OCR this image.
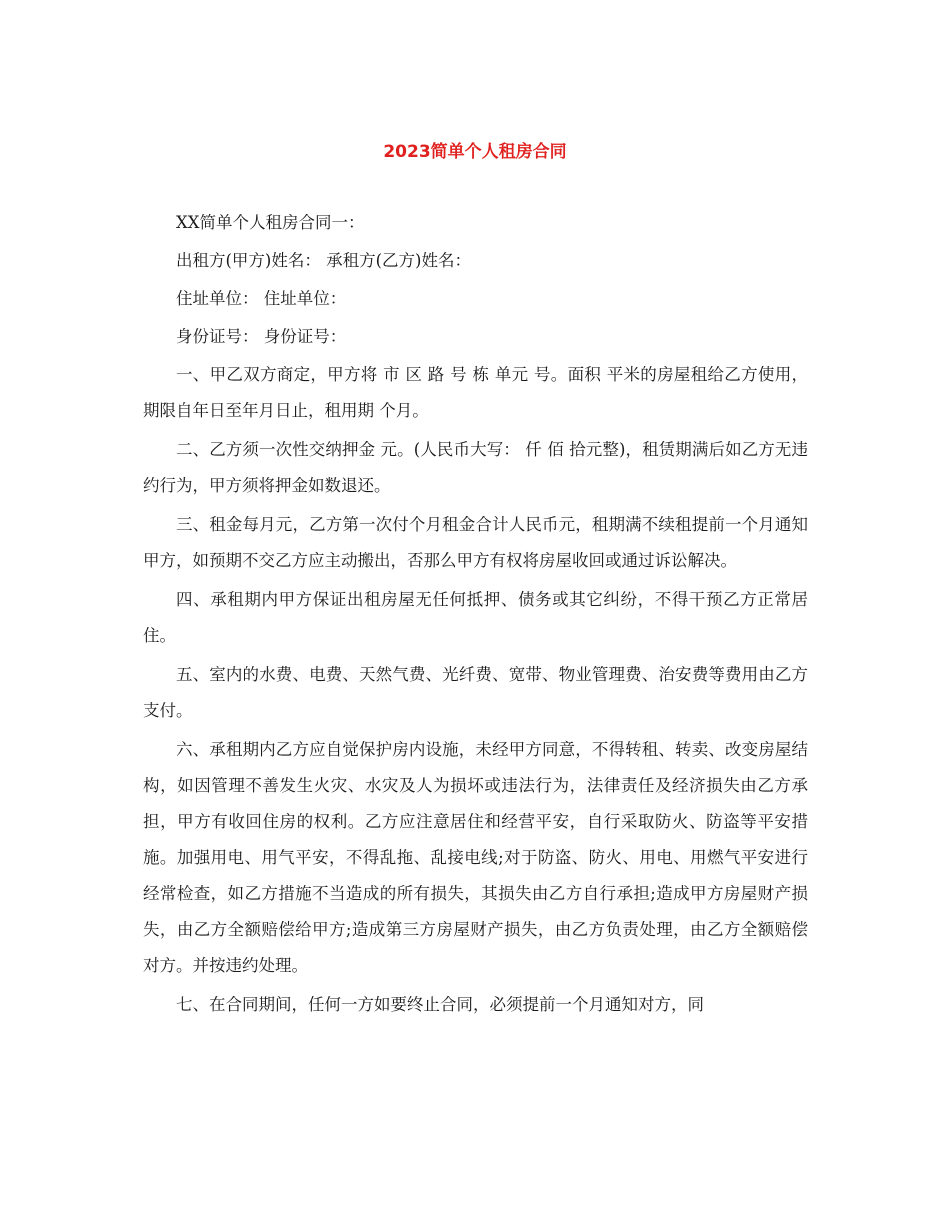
2023简单个人租房合同

XX简单个人租房合同一：

出租方(甲方)姓名： 承租方(乙方)姓名：

住址单位： 住址单位：

身份证号： 身份证号：

一、甲乙双方商定，甲方将 市 区 路 号 栋 单元 号。面积 平米的房屋租给乙方使用，期限自年日至年月日止，租用期 个月。

二、乙方须一次性交纳押金 元。(人民币大写： 仟 佰 拾元整)，租赁期满后如乙方无违约行为，甲方须将押金如数退还。

三、租金每月元，乙方第一次付个月租金合计人民币元，租期满不续租提前一个月通知甲方，如预期不交乙方应主动搬出，否那么甲方有权将房屋收回或通过诉讼解决。

四、承租期内甲方保证出租房屋无任何抵押、债务或其它纠纷，不得干预乙方正常居住。

五、室内的水费、电费、天然气费、光纤费、宽带、物业管理费、治安费等费用由乙方支付。

六、承租期内乙方应自觉保护房内设施，未经甲方同意，不得转租、转卖、改变房屋结构，如因管理不善发生火灾、水灾及人为损坏或违法行为，法律责任及经济损失由乙方承担，甲方有收回住房的权利。乙方应注意居住和经营平安，自行采取防火、防盗等平安措施。加强用电、用气平安，不得乱拖、乱接电线;对于防盗、防火、用电、用燃气平安进行经常检查，如乙方措施不当造成的所有损失，其损失由乙方自行承担;造成甲方房屋财产损失，由乙方全额赔偿给甲方;造成第三方房屋财产损失，由乙方负责处理，由乙方全额赔偿对方。并按违约处理。

七、在合同期间，任何一方如要终止合同，必须提前一个月通知对方，同
